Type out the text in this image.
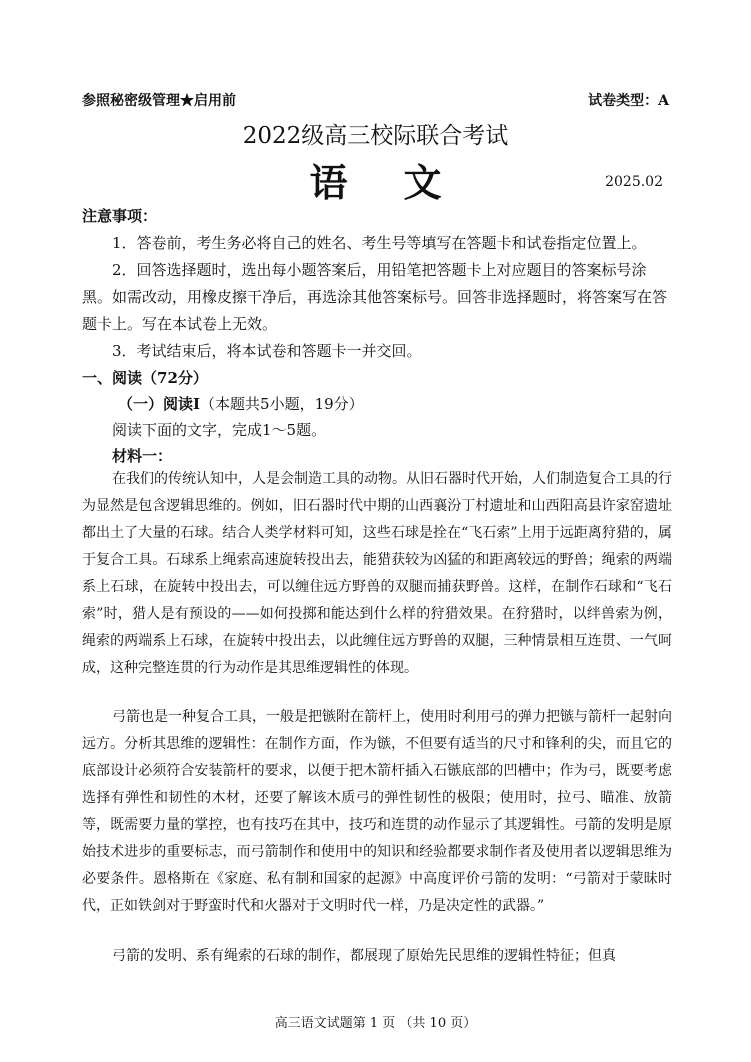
参照秘密级管理★启用前	试卷类型：A
2022级高三校际联合考试
语文	2025.02
注意事项：
1．答卷前，考生务必将自己的姓名、考生号等填写在答题卡和试卷指定位置上。
2．回答选择题时，选出每小题答案后，用铅笔把答题卡上对应题目的答案标号涂黑。如需改动，用橡皮擦干净后，再选涂其他答案标号。回答非选择题时，将答案写在答题卡上。写在本试卷上无效。
3．考试结束后，将本试卷和答题卡一并交回。
一、阅读（72分）
（一）阅读Ⅰ（本题共5小题，19分）
阅读下面的文字，完成1～5题。
材料一：
在我们的传统认知中，人是会制造工具的动物。从旧石器时代开始，人们制造复合工具的行为显然是包含逻辑思维的。例如，旧石器时代中期的山西襄汾丁村遗址和山西阳高县许家窑遗址都出土了大量的石球。结合人类学材料可知，这些石球是拴在“飞石索”上用于远距离狩猎的，属于复合工具。石球系上绳索高速旋转投出去，能猎获较为凶猛的和距离较远的野兽；绳索的两端系上石球，在旋转中投出去，可以缠住远方野兽的双腿而捕获野兽。这样，在制作石球和“飞石索”时，猎人是有预设的——如何投掷和能达到什么样的狩猎效果。在狩猎时，以绊兽索为例，绳索的两端系上石球，在旋转中投出去，以此缠住远方野兽的双腿，三种情景相互连贯、一气呵成，这种完整连贯的行为动作是其思维逻辑性的体现。
弓箭也是一种复合工具，一般是把镞附在箭杆上，使用时利用弓的弹力把镞与箭杆一起射向远方。分析其思维的逻辑性：在制作方面，作为镞，不但要有适当的尺寸和锋利的尖，而且它的底部设计必须符合安装箭杆的要求，以便于把木箭杆插入石镞底部的凹槽中；作为弓，既要考虑选择有弹性和韧性的木材，还要了解该木质弓的弹性韧性的极限；使用时，拉弓、瞄准、放箭等，既需要力量的掌控，也有技巧在其中，技巧和连贯的动作显示了其逻辑性。弓箭的发明是原始技术进步的重要标志，而弓箭制作和使用中的知识和经验都要求制作者及使用者以逻辑思维为必要条件。恩格斯在《家庭、私有制和国家的起源》中高度评价弓箭的发明：“弓箭对于蒙昧时代，正如铁剑对于野蛮时代和火器对于文明时代一样，乃是决定性的武器。”
弓箭的发明、系有绳索的石球的制作，都展现了原始先民思维的逻辑性特征；但真
高三语文试题第 1 页 （共 10 页）
